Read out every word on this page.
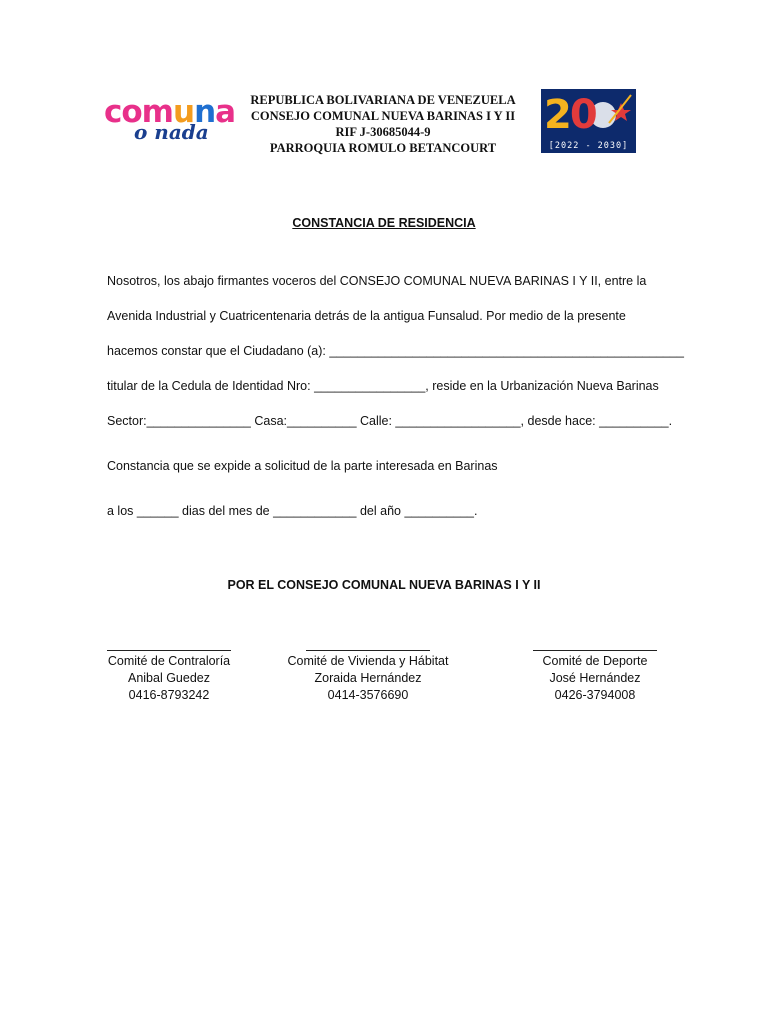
comuna
o nada
REPUBLICA BOLIVARIANA DE VENEZUELA
CONSEJO COMUNAL NUEVA BARINAS I Y II
RIF J-30685044-9
PARROQUIA ROMULO BETANCOURT
20
[2022 - 2030]
CONSTANCIA DE RESIDENCIA
Nosotros, los abajo firmantes voceros del CONSEJO COMUNAL NUEVA BARINAS I Y II, entre la
Avenida Industrial y Cuatricentenaria detrás de la antigua Funsalud. Por medio de la presente
hacemos constar que el Ciudadano (a): ___________________________________________________
titular de la Cedula de Identidad Nro: ________________, reside en la Urbanización Nueva Barinas
Sector:_______________ Casa:__________ Calle: __________________, desde hace: __________.
Constancia que se expide a solicitud de la parte interesada en Barinas
a los ______ dias del mes de ____________ del año __________.
POR EL CONSEJO COMUNAL NUEVA BARINAS I Y II
Comité de Contraloría
Anibal Guedez
0416-8793242
Comité de Vivienda y Hábitat
Zoraida Hernández
0414-3576690
Comité de Deporte
José Hernández
0426-3794008
